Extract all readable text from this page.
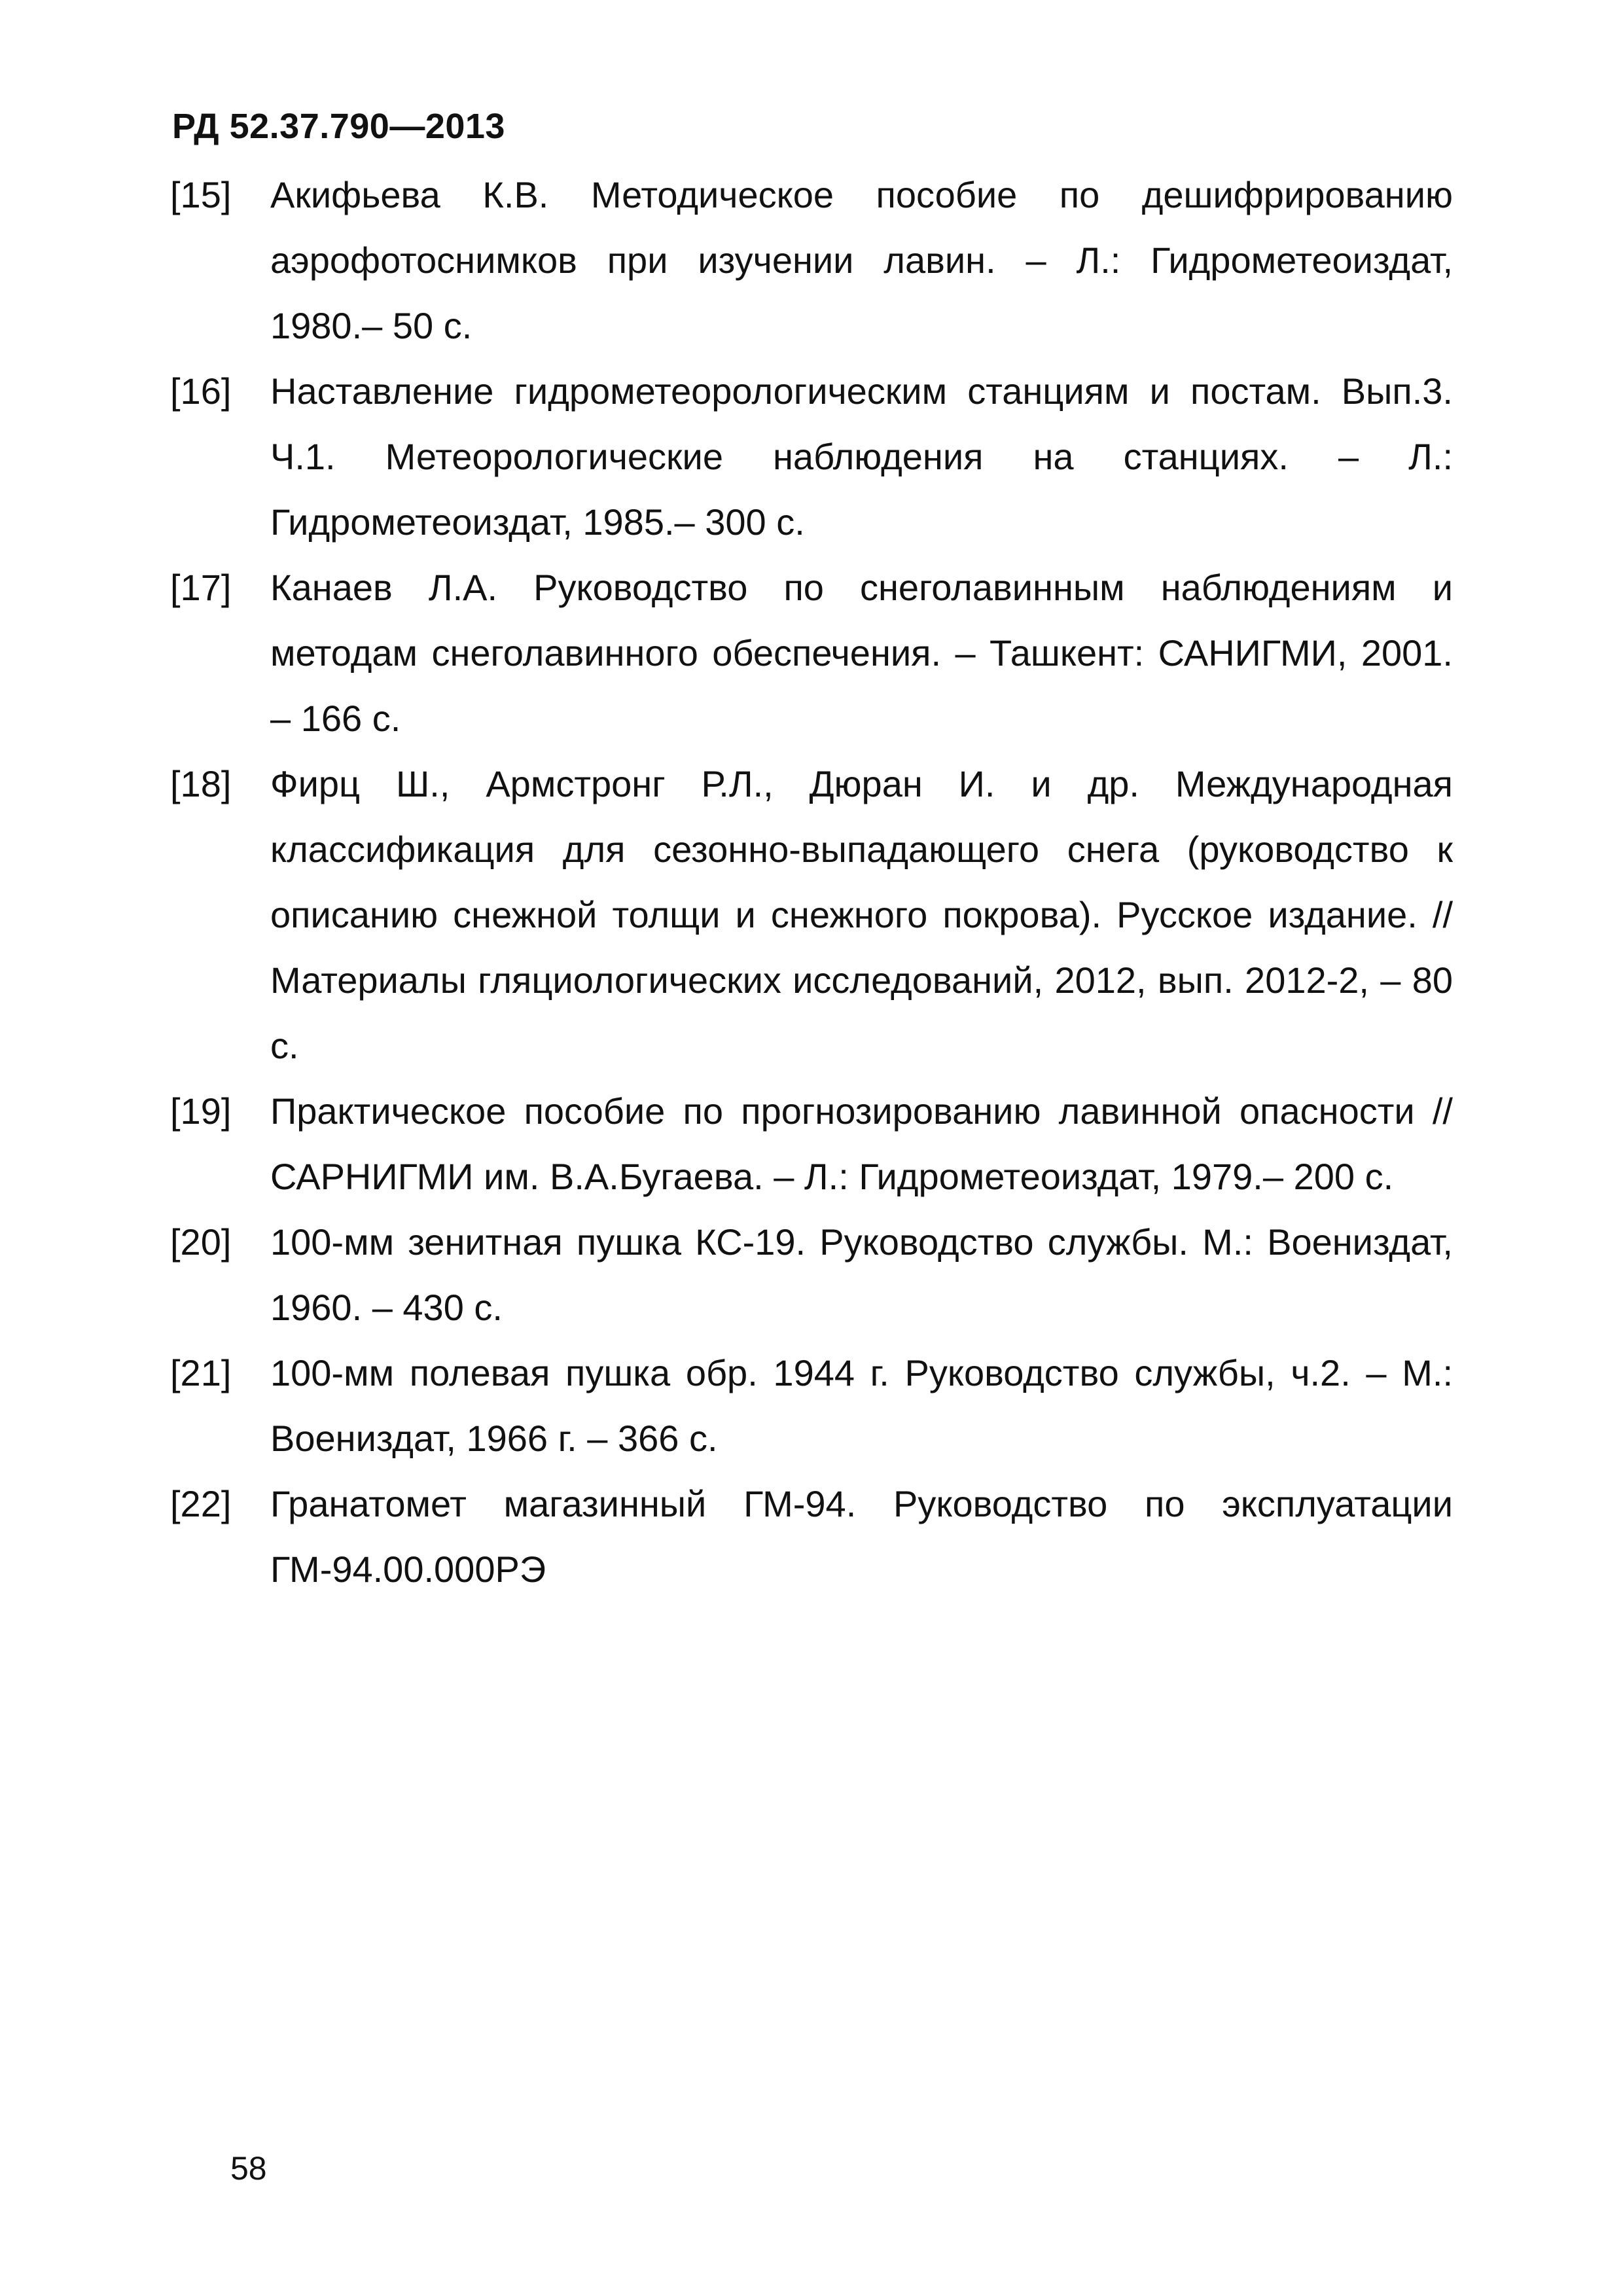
РД 52.37.790—2013
[15]	Акифьева К.В. Методическое пособие по дешифрированию аэрофотоснимков при изучении лавин. – Л.: Гидрометеоиздат, 1980.– 50 с.
[16]	Наставление гидрометеорологическим станциям и постам. Вып.3. Ч.1. Метеорологические наблюдения на станциях. – Л.: Гидрометеоиздат, 1985.– 300 с.
[17]	Канаев Л.А. Руководство по снеголавинным наблюдениям и методам снеголавинного обеспечения. – Ташкент: САНИГМИ, 2001. – 166 с.
[18]	Фирц Ш., Армстронг Р.Л., Дюран И. и др. Международная классификация для сезонно-выпадающего снега (руководство к описанию снежной толщи и снежного покрова). Русское издание. // Материалы гляциологических исследований, 2012, вып. 2012-2, – 80 с.
[19]	Практическое пособие по прогнозированию лавинной опасности //САРНИГМИ им. В.А.Бугаева. – Л.: Гидрометеоиздат, 1979.– 200 с.
[20]	100-мм зенитная пушка КС-19. Руководство службы. М.: Воениздат, 1960. – 430 с.
[21]	100-мм полевая пушка обр. 1944 г. Руководство службы, ч.2. – М.: Воениздат, 1966 г. – 366 с.
[22]	Гранатомет магазинный ГМ-94. Руководство по эксплуатации ГМ-94.00.000РЭ
58
